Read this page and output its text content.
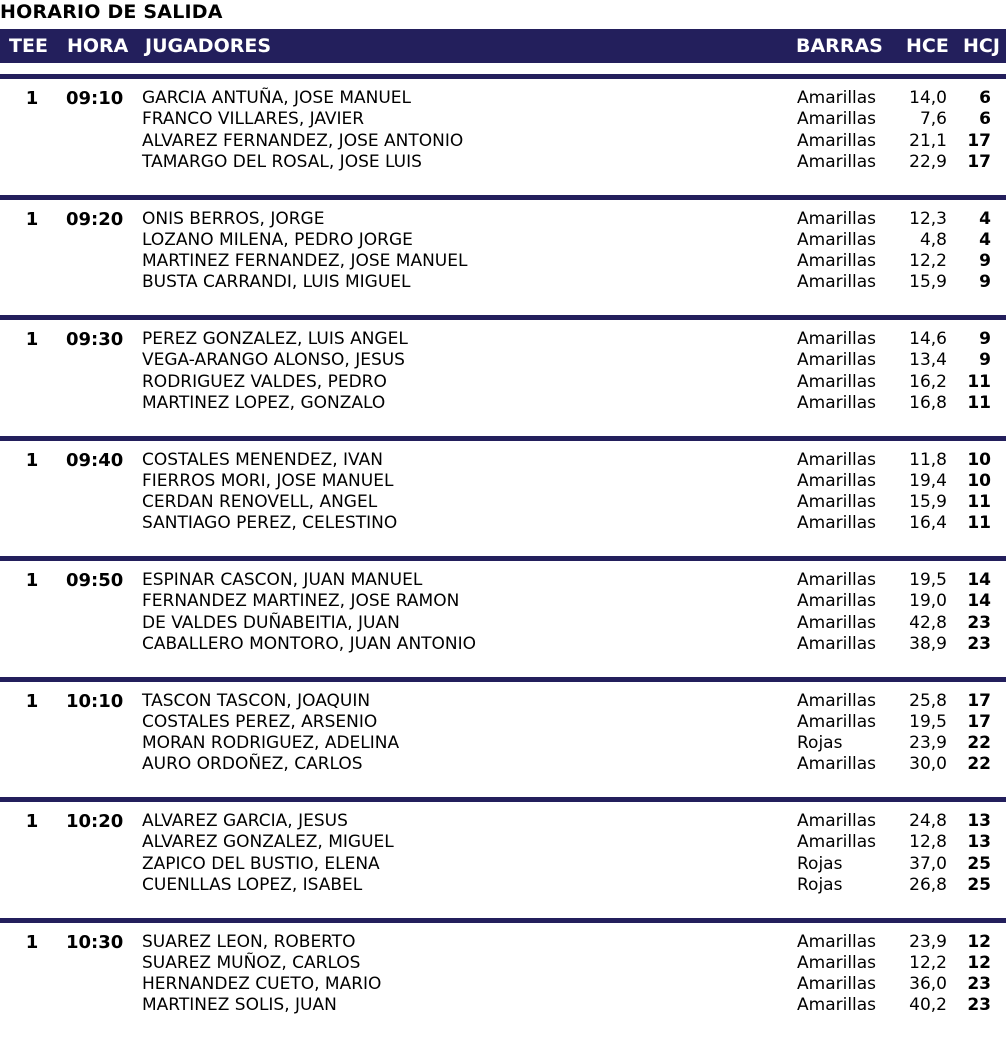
HORARIO DE SALIDA
TEE HORA JUGADORES	BARRAS HCE HCJ
1 09:10 GARCIA ANTUÑA, JOSE MANUEL	Amarillas	14,0	6
FRANCO VILLARES, JAVIER	Amarillas	7,6	6
ALVAREZ FERNANDEZ, JOSE ANTONIO	Amarillas	21,1	17
TAMARGO DEL ROSAL, JOSE LUIS	Amarillas	22,9	17
1 09:20 ONIS BERROS, JORGE	Amarillas	12,3	4
LOZANO MILENA, PEDRO JORGE	Amarillas	4,8	4
MARTINEZ FERNANDEZ, JOSE MANUEL	Amarillas	12,2	9
BUSTA CARRANDI, LUIS MIGUEL	Amarillas	15,9	9
1 09:30 PEREZ GONZALEZ, LUIS ANGEL	Amarillas	14,6	9
VEGA-ARANGO ALONSO, JESUS	Amarillas	13,4	9
RODRIGUEZ VALDES, PEDRO	Amarillas	16,2	11
MARTINEZ LOPEZ, GONZALO	Amarillas	16,8	11
1 09:40 COSTALES MENENDEZ, IVAN	Amarillas	11,8	10
FIERROS MORI, JOSE MANUEL	Amarillas	19,4	10
CERDAN RENOVELL, ANGEL	Amarillas	15,9	11
SANTIAGO PEREZ, CELESTINO	Amarillas	16,4	11
1 09:50 ESPINAR CASCON, JUAN MANUEL	Amarillas	19,5	14
FERNANDEZ MARTINEZ, JOSE RAMON	Amarillas	19,0	14
DE VALDES DUÑABEITIA, JUAN	Amarillas	42,8	23
CABALLERO MONTORO, JUAN ANTONIO	Amarillas	38,9	23
1 10:10 TASCON TASCON, JOAQUIN	Amarillas	25,8	17
COSTALES PEREZ, ARSENIO	Amarillas	19,5	17
MORAN RODRIGUEZ, ADELINA	Rojas	23,9	22
AURO ORDOÑEZ, CARLOS	Amarillas	30,0	22
1 10:20 ALVAREZ GARCIA, JESUS	Amarillas	24,8	13
ALVAREZ GONZALEZ, MIGUEL	Amarillas	12,8	13
ZAPICO DEL BUSTIO, ELENA	Rojas	37,0	25
CUENLLAS LOPEZ, ISABEL	Rojas	26,8	25
1 10:30 SUAREZ LEON, ROBERTO	Amarillas	23,9	12
SUAREZ MUÑOZ, CARLOS	Amarillas	12,2	12
HERNANDEZ CUETO, MARIO	Amarillas	36,0	23
MARTINEZ SOLIS, JUAN	Amarillas	40,2	23
